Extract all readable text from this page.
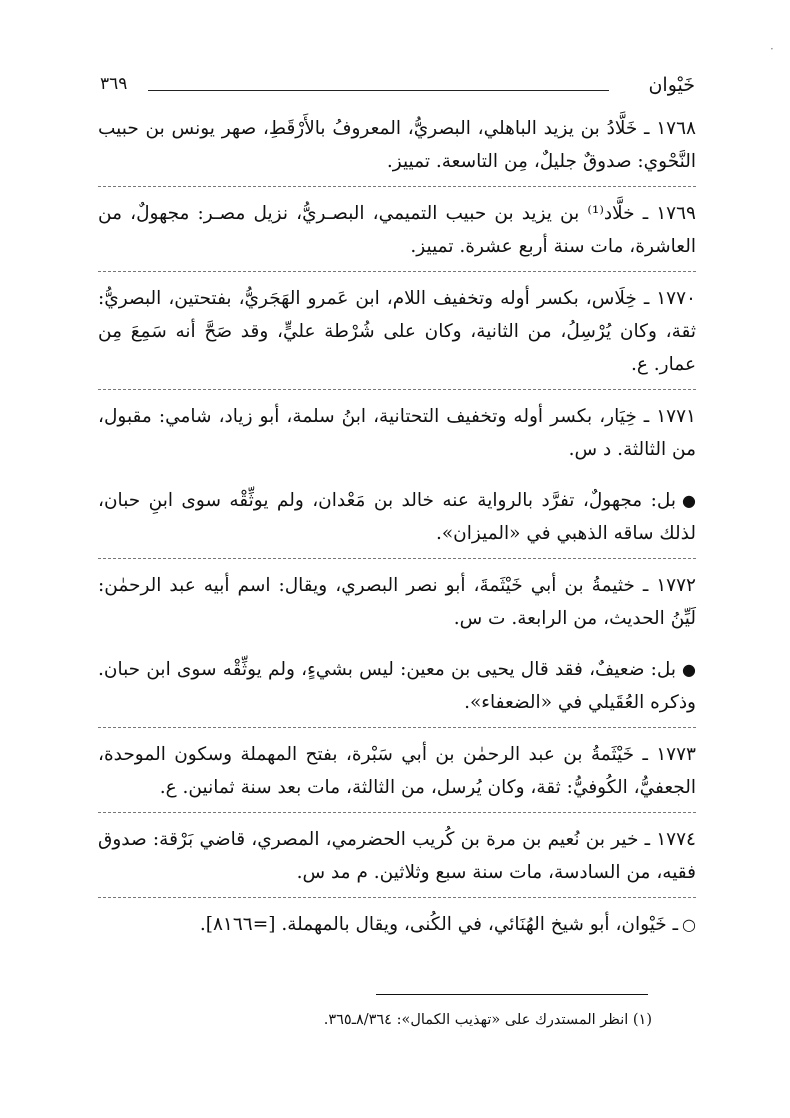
·
خَيْوان
٣٦٩

١٧٦٨ ـ خَلَّادُ بن يزيد الباهلي، البصريُّ، المعروفُ بالأَرْقَطِ، صهر يونس بن حبيب النَّحْوي: صدوقٌ جليلٌ، مِن التاسعة. تمييز.

١٧٦٩ ـ خلَّاد⁽¹⁾ بن يزيد بن حبيب التميمي، البصـريُّ، نزيل مصـر: مجهولٌ، من العاشرة، مات سنة أربع عشرة. تمييز.

١٧٧٠ ـ خِلَاس، بكسر أوله وتخفيف اللام، ابن عَمرو الهَجَريُّ، بفتحتين، البصريُّ: ثقة، وكان يُرْسِلُ، من الثانية، وكان على شُرْطة عليٍّ، وقد صَحَّ أنه سَمِعَ مِن عمار. ع.

١٧٧١ ـ خِيَار، بكسر أوله وتخفيف التحتانية، ابنُ سلمة، أبو زياد، شامي: مقبول، من الثالثة. د س.

●بل: مجهولٌ، تفرَّد بالرواية عنه خالد بن مَعْدان، ولم يوثِّقْه سوى ابنِ حبان، لذلك ساقه الذهبي في «الميزان».

١٧٧٢ ـ خثيمةُ بن أبي خَيْثَمةَ، أبو نصر البصري، ويقال: اسم أبيه عبد الرحمٰن: لَيِّنُ الحديث، من الرابعة. ت س.

●بل: ضعيفٌ، فقد قال يحيى بن معين: ليس بشيءٍ، ولم يوثِّقْه سوى ابن حبان. وذكره العُقَيلي في «الضعفاء».

١٧٧٣ ـ خَيْثَمةُ بن عبد الرحمٰن بن أبي سَبْرة، بفتح المهملة وسكون الموحدة، الجعفيُّ، الكُوفيُّ: ثقة، وكان يُرسل، من الثالثة، مات بعد سنة ثمانين. ع.

١٧٧٤ ـ خير بن نُعيم بن مرة بن كُريب الحضرمي، المصري، قاضي بَرْقة: صدوق فقيه، من السادسة، مات سنة سبع وثلاثين. م مد س.

○ـ خَيْوان، أبو شيخ الهُنَائي، في الكُنى، ويقال بالمهملة. [=٨١٦٦].

(١) انظر المستدرك على «تهذيب الكمال»: ٨/٣٦٤ـ٣٦٥.
